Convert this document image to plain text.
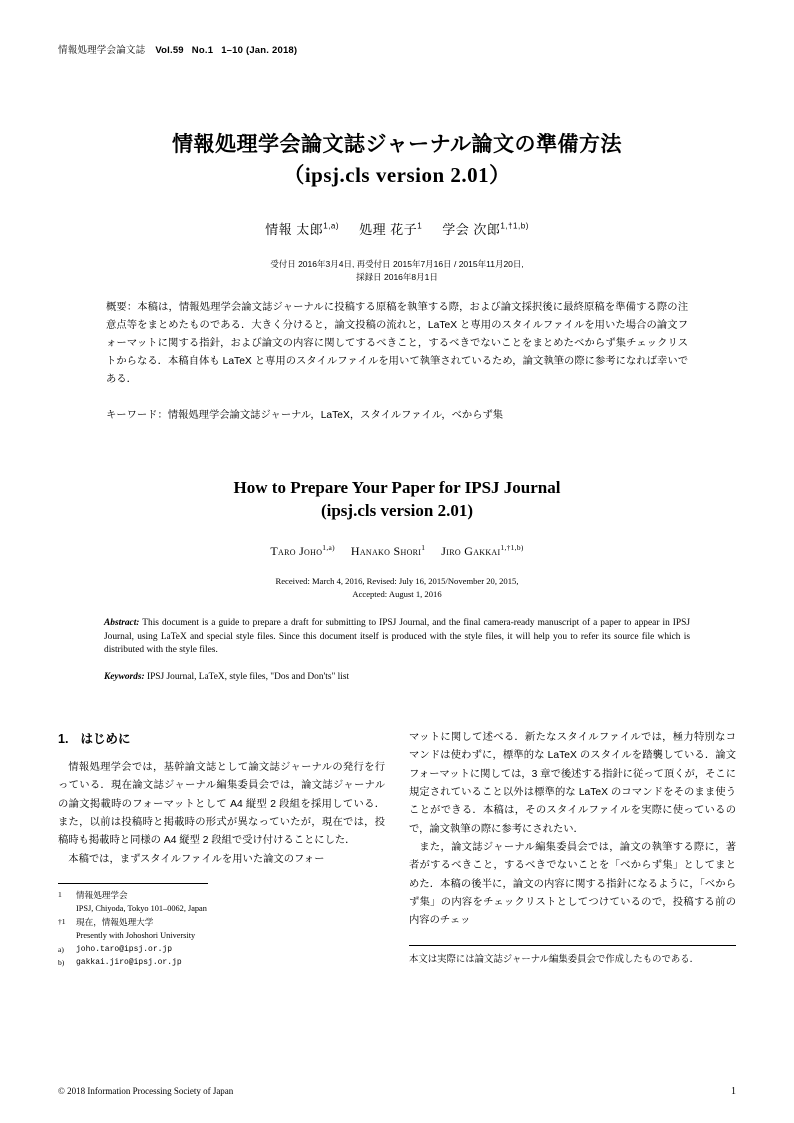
情報処理学会論文誌 Vol.59 No.1 1–10 (Jan. 2018)
情報処理学会論文誌ジャーナル論文の準備方法
（ipsj.cls version 2.01）
情報 太郎$^{1,a)}$ 処理 花子$^1$ 学会 次郎$^{1,\dagger 1,b)}$
受付日 2016年3月4日, 再受付日 2015年7月16日 / 2015年11月20日,
採録日 2016年8月1日
概要：本稿は，情報処理学会論文誌ジャーナルに投稿する原稿を執筆する際，および論文採択後に最終原稿を準備する際の注意点等をまとめたものである．大きく分けると，論文投稿の流れと，LaTeX と専用のスタイルファイルを用いた場合の論文フォーマットに関する指針，および論文の内容に関してするべきこと，するべきでないことをまとめたべからず集チェックリストからなる．本稿自体も LaTeX と専用のスタイルファイルを用いて執筆されているため，論文執筆の際に参考になれば幸いである．
キーワード：情報処理学会論文誌ジャーナル，LaTeX，スタイルファイル，べからず集
How to Prepare Your Paper for IPSJ Journal
(ipsj.cls version 2.01)
Taro Joho$^{1,a)}$ Hanako Shori$^1$ Jiro Gakkai$^{1,\dagger 1,b)}$
Received: March 4, 2016, Revised: July 16, 2015/November 20, 2015,
Accepted: August 1, 2016
Abstract: This document is a guide to prepare a draft for submitting to IPSJ Journal, and the final camera-ready manuscript of a paper to appear in IPSJ Journal, using LaTeX and special style files. Since this document itself is produced with the style files, it will help you to refer its source file which is distributed with the style files.
Keywords: IPSJ Journal, LaTeX, style files, "Dos and Don'ts" list
1. はじめに

情報処理学会では，基幹論文誌として論文誌ジャーナルの発行を行っている．現在論文誌ジャーナル編集委員会では，論文誌ジャーナルの論文掲載時のフォーマットとして A4 縦型 2 段組を採用している．また，以前は投稿時と掲載時の形式が異なっていたが，現在では，投稿時も掲載時と同様の A4 縦型 2 段組で受け付けることにした．

本稿では，まずスタイルファイルを用いた論文のフォー

1	情報処理学会
IPSJ, Chiyoda, Tokyo 101–0062, Japan
†1	現在，情報処理大学
Presently with Johoshori University
a)	joho.taro@ipsj.or.jp
b)	gakkai.jiro@ipsj.or.jp

マットに関して述べる．新たなスタイルファイルでは，極力特別なコマンドは使わずに，標準的な LaTeX のスタイルを踏襲している．論文フォーマットに関しては，3 章で後述する指針に従って頂くが，そこに規定されていること以外は標準的な LaTeX のコマンドをそのまま使うことができる．本稿は，そのスタイルファイルを実際に使っているので，論文執筆の際に参考にされたい．

また，論文誌ジャーナル編集委員会では，論文の執筆する際に，著者がするべきこと，するべきでないことを「べからず集」としてまとめた．本稿の後半に，論文の内容に関する指針になるように，「べからず集」の内容をチェックリストとしてつけているので，投稿する前の内容のチェッ

本文は実際には論文誌ジャーナル編集委員会で作成したものである．
© 2018 Information Processing Society of Japan	1
